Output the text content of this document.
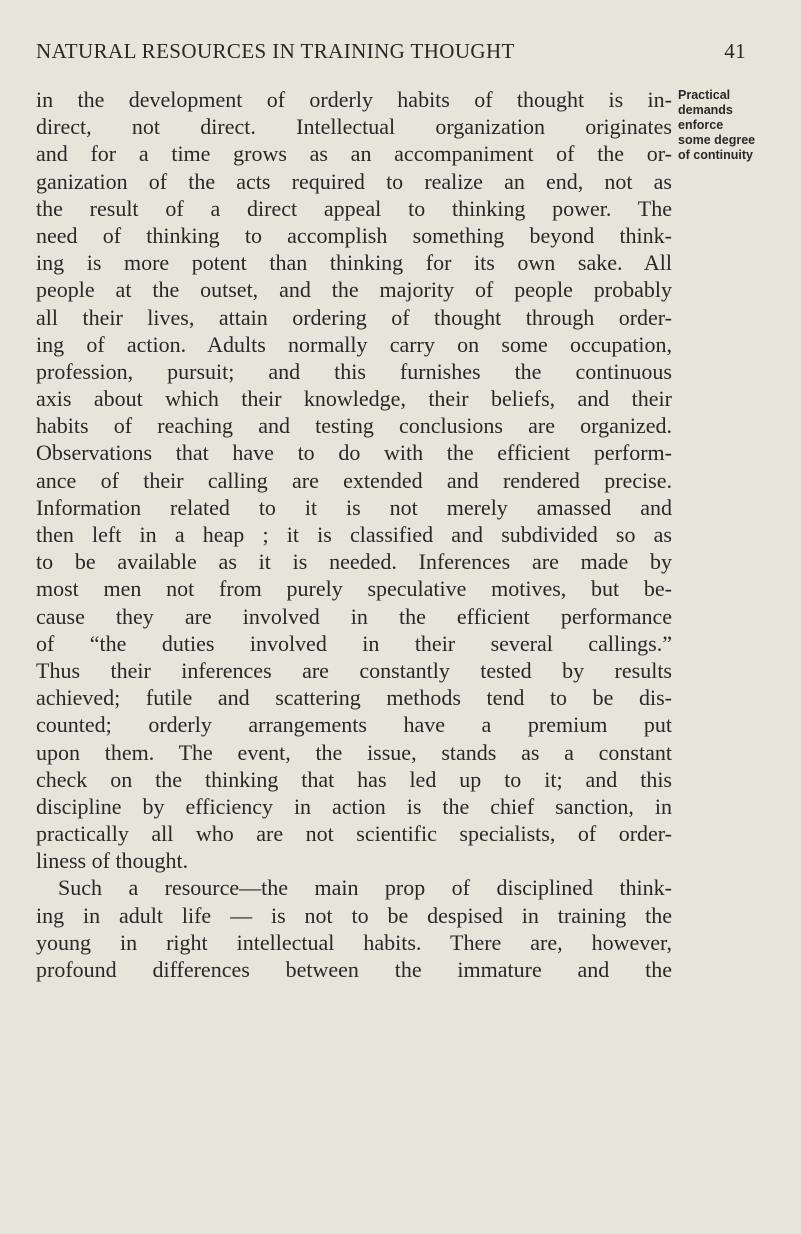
NATURAL RESOURCES IN TRAINING THOUGHT	41
in the development of orderly habits of thought is in-
direct, not direct. Intellectual organization originates
and for a time grows as an accompaniment of the or-
ganization of the acts required to realize an end, not as
the result of a direct appeal to thinking power. The
need of thinking to accomplish something beyond think-
ing is more potent than thinking for its own sake. All
people at the outset, and the majority of people probably
all their lives, attain ordering of thought through order-
ing of action. Adults normally carry on some occupation,
profession, pursuit; and this furnishes the continuous
axis about which their knowledge, their beliefs, and their
habits of reaching and testing conclusions are organized.
Observations that have to do with the efficient perform-
ance of their calling are extended and rendered precise.
Information related to it is not merely amassed and
then left in a heap ; it is classified and subdivided so as
to be available as it is needed. Inferences are made by
most men not from purely speculative motives, but be-
cause they are involved in the efficient performance
of “the duties involved in their several callings.”
Thus their inferences are constantly tested by results
achieved; futile and scattering methods tend to be dis-
counted; orderly arrangements have a premium put
upon them. The event, the issue, stands as a constant
check on the thinking that has led up to it; and this
discipline by efficiency in action is the chief sanction, in
practically all who are not scientific specialists, of order-
liness of thought.
Such a resource—the main prop of disciplined think-
ing in adult life — is not to be despised in training the
young in right intellectual habits. There are, however,
profound differences between the immature and the
Practical
demands
enforce
some degree
of continuity
